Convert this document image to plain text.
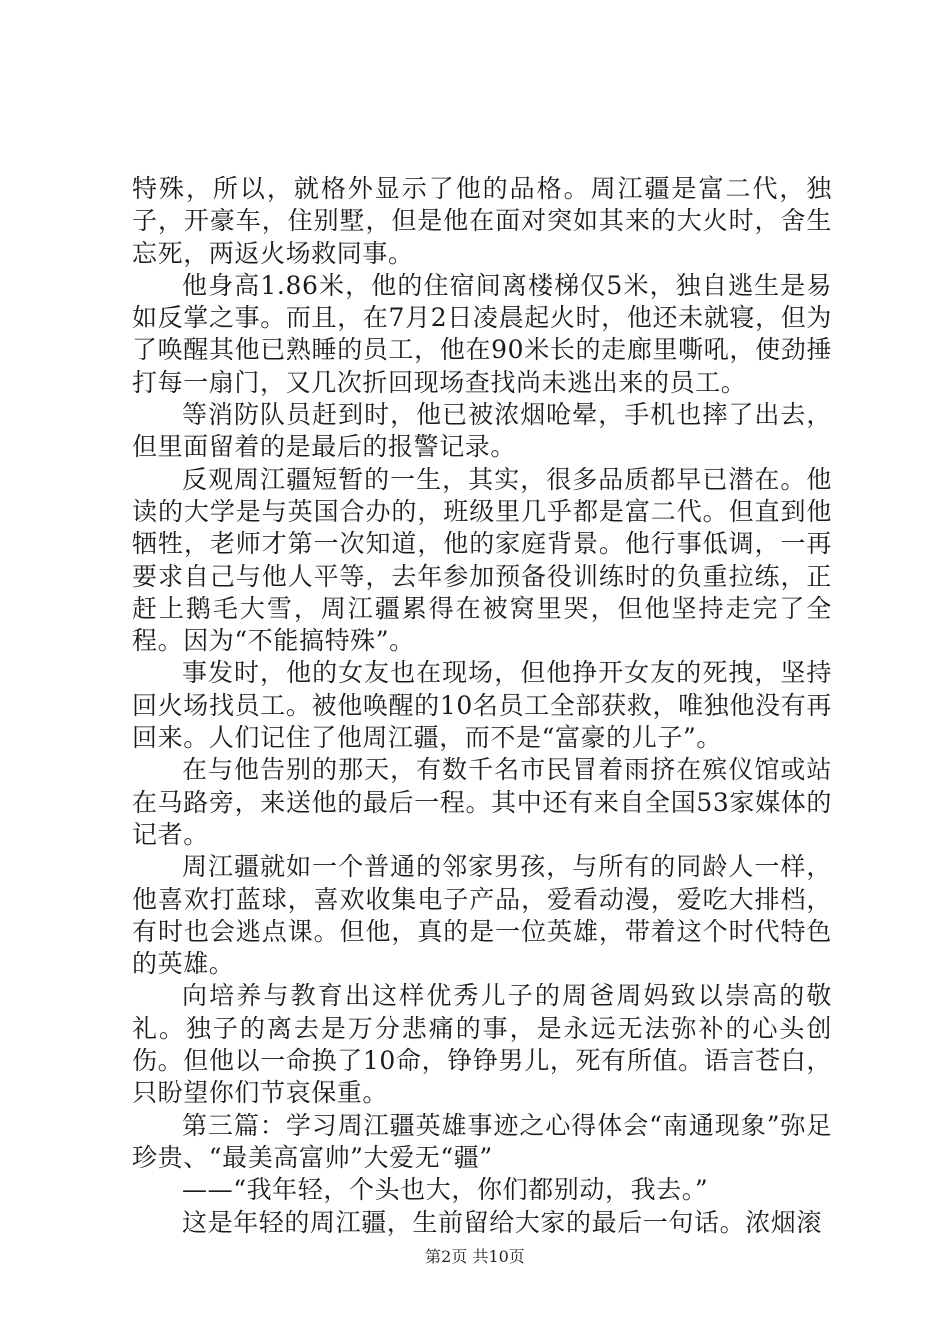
特殊，所以，就格外显示了他的品格。周江疆是富二代，独子，开豪车，住别墅，但是他在面对突如其来的大火时，舍生忘死，两返火场救同事。

他身高1.86米，他的住宿间离楼梯仅5米，独自逃生是易如反掌之事。而且，在7月2日凌晨起火时，他还未就寝，但为了唤醒其他已熟睡的员工，他在90米长的走廊里嘶吼，使劲捶打每一扇门，又几次折回现场查找尚未逃出来的员工。

等消防队员赶到时，他已被浓烟呛晕，手机也摔了出去，但里面留着的是最后的报警记录。

反观周江疆短暂的一生，其实，很多品质都早已潜在。他读的大学是与英国合办的，班级里几乎都是富二代。但直到他牺牲，老师才第一次知道，他的家庭背景。他行事低调，一再要求自己与他人平等，去年参加预备役训练时的负重拉练，正赶上鹅毛大雪，周江疆累得在被窝里哭，但他坚持走完了全程。因为“不能搞特殊”。

事发时，他的女友也在现场，但他挣开女友的死拽，坚持回火场找员工。被他唤醒的10名员工全部获救，唯独他没有再回来。人们记住了他周江疆，而不是“富豪的儿子”。

在与他告别的那天，有数千名市民冒着雨挤在殡仪馆或站在马路旁，来送他的最后一程。其中还有来自全国53家媒体的记者。

周江疆就如一个普通的邻家男孩，与所有的同龄人一样，他喜欢打蓝球，喜欢收集电子产品，爱看动漫，爱吃大排档，有时也会逃点课。但他，真的是一位英雄，带着这个时代特色的英雄。

向培养与教育出这样优秀儿子的周爸周妈致以崇高的敬礼。独子的离去是万分悲痛的事，是永远无法弥补的心头创伤。但他以一命换了10命，铮铮男儿，死有所值。语言苍白，只盼望你们节哀保重。

第三篇：学习周江疆英雄事迹之心得体会“南通现象”弥足珍贵、“最美高富帅”大爱无“疆”

——“我年轻，个头也大，你们都别动，我去。”

这是年轻的周江疆，生前留给大家的最后一句话。浓烟滚

第2页 共10页
